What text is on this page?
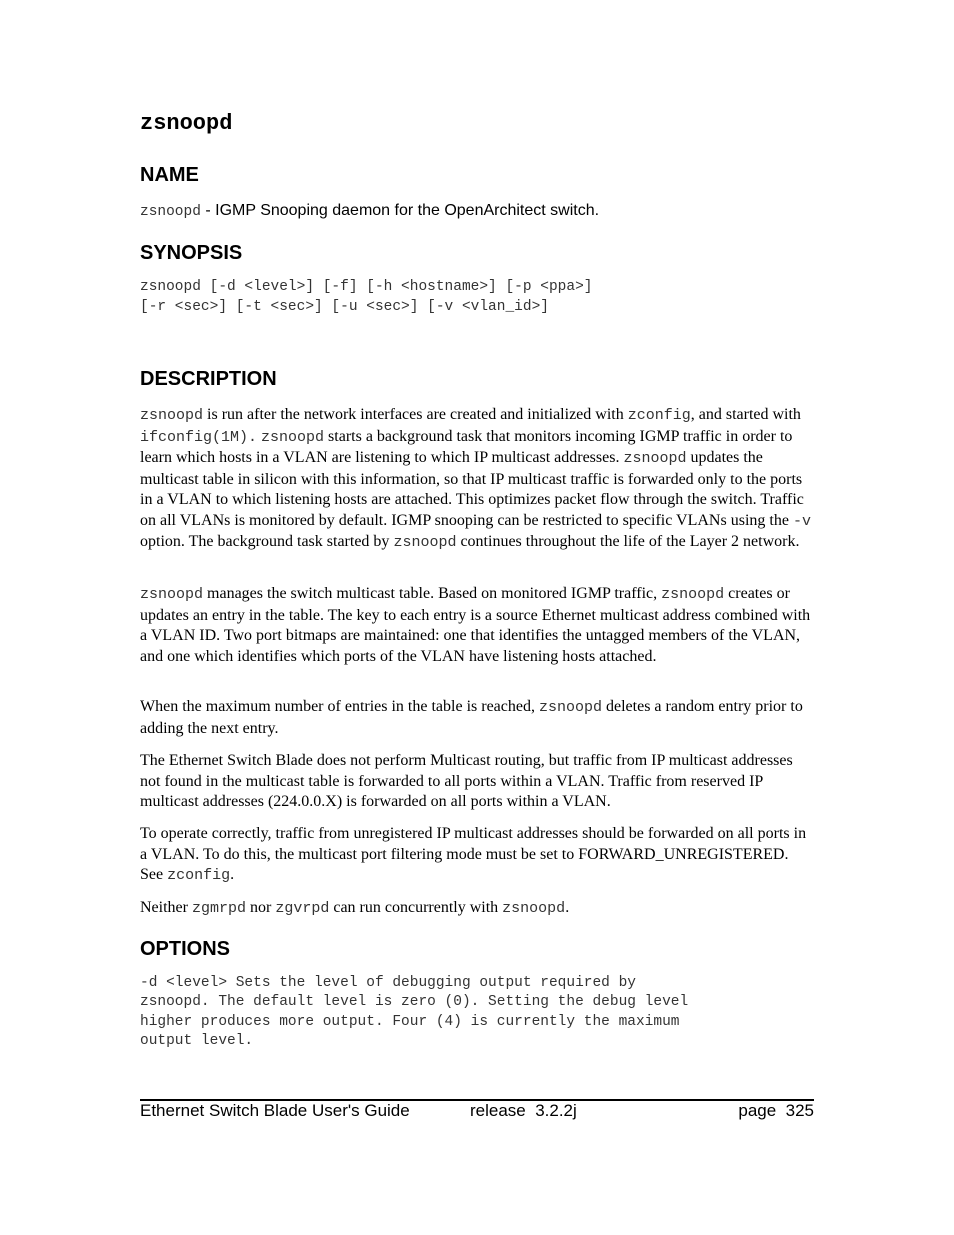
zsnoopd
NAME
zsnoopd - IGMP Snooping daemon for the OpenArchitect switch.
SYNOPSIS
zsnoopd [-d <level>] [-f] [-h <hostname>] [-p <ppa>]
[-r <sec>] [-t <sec>] [-u <sec>] [-v <vlan_id>]
DESCRIPTION

zsnoopd is run after the network interfaces are created and initialized with zconfig, and started with ifconfig(1M). zsnoopd starts a background task that monitors incoming IGMP traffic in order to learn which hosts in a VLAN are listening to which IP multicast addresses. zsnoopd updates the multicast table in silicon with this information, so that IP multicast traffic is forwarded only to the ports in a VLAN to which listening hosts are attached. This optimizes packet flow through the switch. Traffic on all VLANs is monitored by default. IGMP snooping can be restricted to specific VLANs using the -v option. The background task started by zsnoopd continues throughout the life of the Layer 2 network.

zsnoopd manages the switch multicast table. Based on monitored IGMP traffic, zsnoopd creates or updates an entry in the table. The key to each entry is a source Ethernet multicast address combined with a VLAN ID. Two port bitmaps are maintained: one that identifies the untagged members of the VLAN, and one which identifies which ports of the VLAN have listening hosts attached.

When the maximum number of entries in the table is reached, zsnoopd deletes a random entry prior to adding the next entry.

The Ethernet Switch Blade does not perform Multicast routing, but traffic from IP multicast addresses not found in the multicast table is forwarded to all ports within a VLAN. Traffic from reserved IP multicast addresses (224.0.0.X) is forwarded on all ports within a VLAN.

To operate correctly, traffic from unregistered IP multicast addresses should be forwarded on all ports in a VLAN. To do this, the multicast port filtering mode must be set to FORWARD_UNREGISTERED. See zconfig.

Neither zgmrpd nor zgvrpd can run concurrently with zsnoopd.

OPTIONS
-d <level> Sets the level of debugging output required by
zsnoopd. The default level is zero (0). Setting the debug level
higher produces more output. Four (4) is currently the maximum
output level.
Ethernet Switch Blade User's Guide	release  3.2.2j	page  325
